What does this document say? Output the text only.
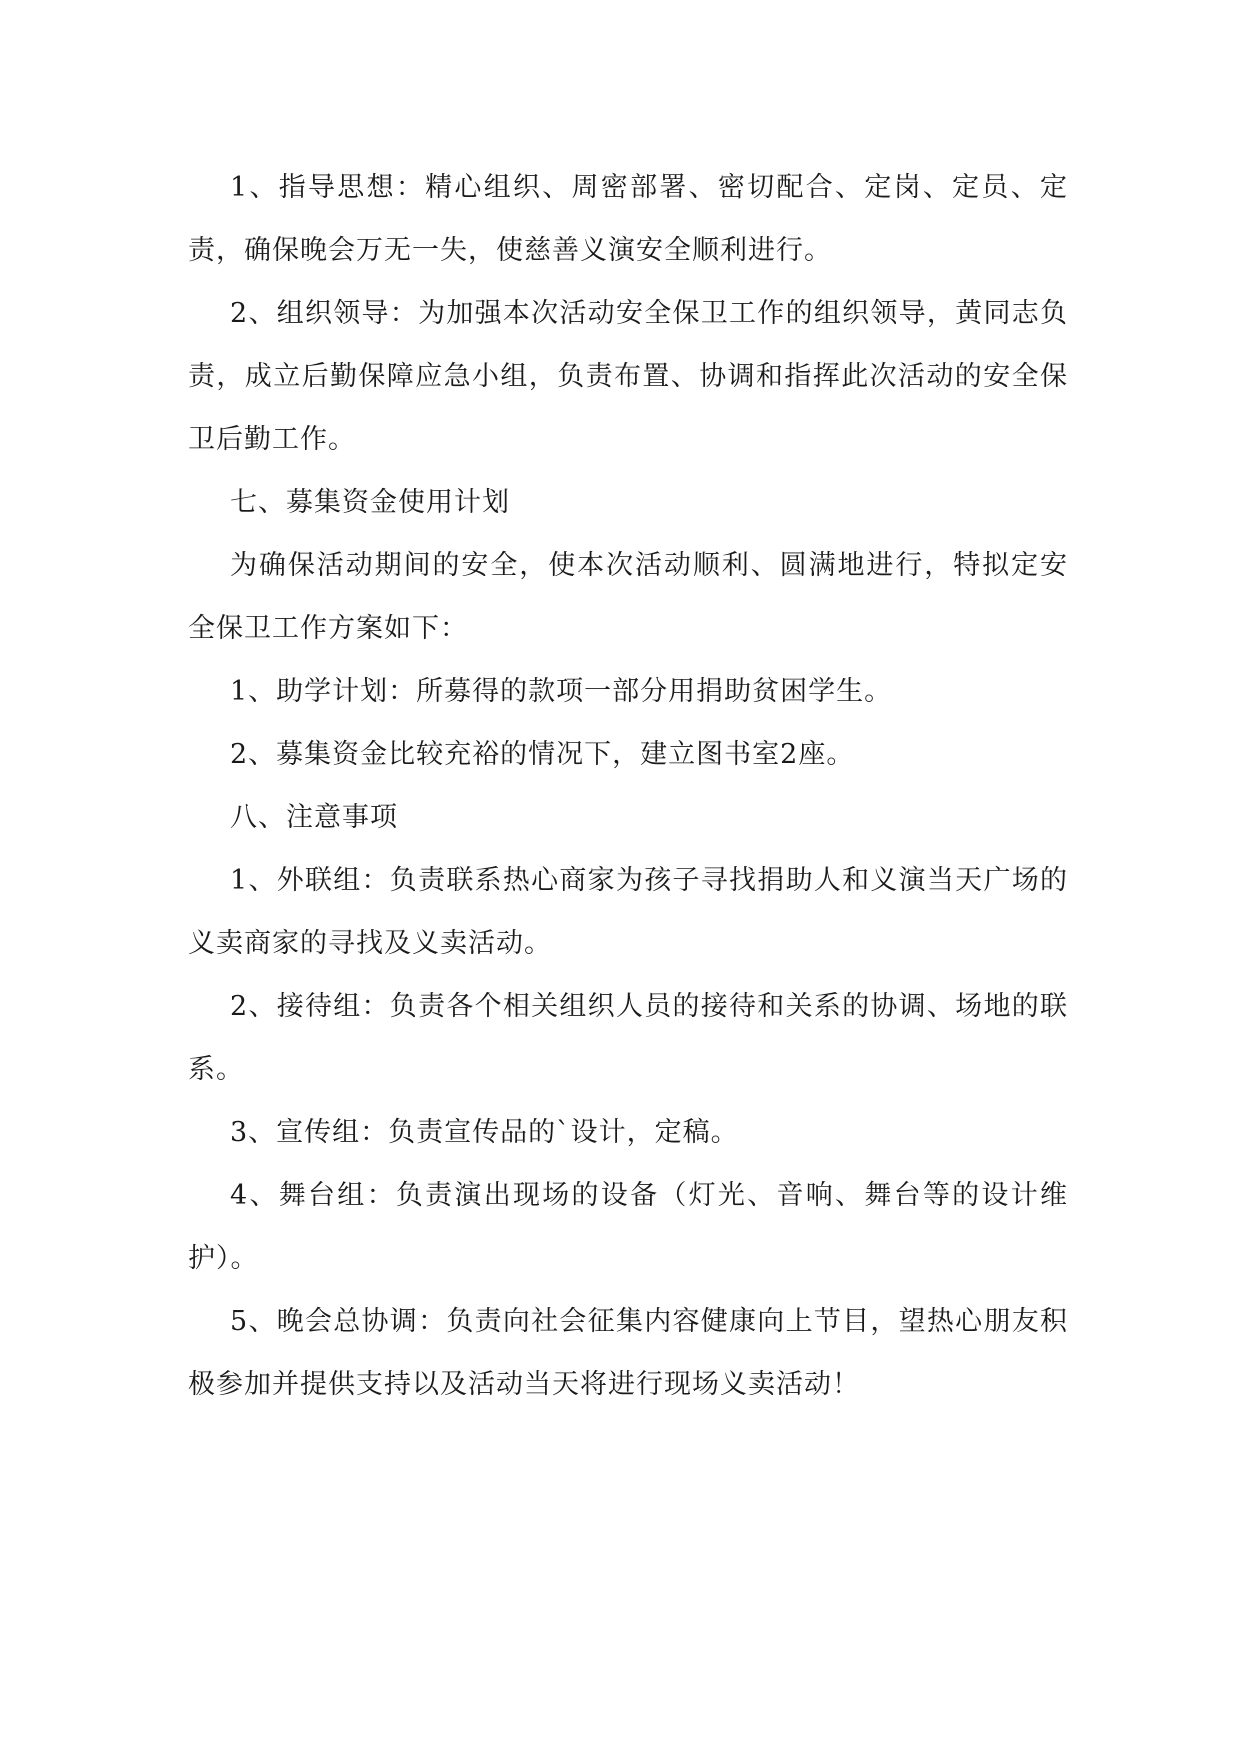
1、指导思想：精心组织、周密部署、密切配合、定岗、定员、定责，确保晚会万无一失，使慈善义演安全顺利进行。

2、组织领导：为加强本次活动安全保卫工作的组织领导，黄同志负责，成立后勤保障应急小组，负责布置、协调和指挥此次活动的安全保卫后勤工作。

七、募集资金使用计划

为确保活动期间的安全，使本次活动顺利、圆满地进行，特拟定安全保卫工作方案如下：

1、助学计划：所募得的款项一部分用捐助贫困学生。

2、募集资金比较充裕的情况下，建立图书室2座。

八、注意事项

1、外联组：负责联系热心商家为孩子寻找捐助人和义演当天广场的义卖商家的寻找及义卖活动。

2、接待组：负责各个相关组织人员的接待和关系的协调、场地的联系。

3、宣传组：负责宣传品的`设计，定稿。

4、舞台组：负责演出现场的设备（灯光、音响、舞台等的设计维护）。

5、晚会总协调：负责向社会征集内容健康向上节目，望热心朋友积极参加并提供支持以及活动当天将进行现场义卖活动！
